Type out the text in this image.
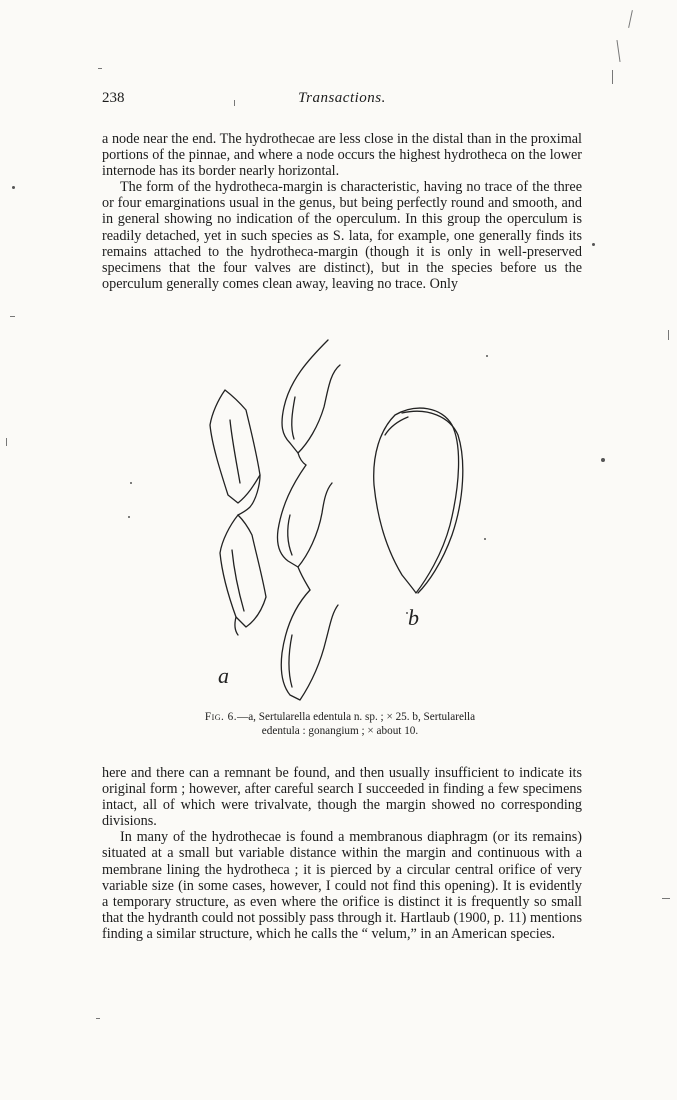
238	Transactions.

a node near the end. The hydrothecae are less close in the distal than in the proximal portions of the pinnae, and where a node occurs the highest hydrotheca on the lower internode has its border nearly horizontal.

The form of the hydrotheca-margin is characteristic, having no trace of the three or four emarginations usual in the genus, but being perfectly round and smooth, and in general showing no indication of the operculum. In this group the operculum is readily detached, yet in such species as S. lata, for example, one generally finds its remains attached to the hydrotheca-margin (though it is only in well-preserved specimens that the four valves are distinct), but in the species before us the operculum generally comes clean away, leaving no trace. Only

a
b
Fig. 6.—a, Sertularella edentula n. sp. ; × 25. b, Sertularella
edentula : gonangium ; × about 10.

here and there can a remnant be found, and then usually insufficient to indicate its original form ; however, after careful search I succeeded in finding a few specimens intact, all of which were trivalvate, though the margin showed no corresponding divisions.

In many of the hydrothecae is found a membranous diaphragm (or its remains) situated at a small but variable distance within the margin and continuous with a membrane lining the hydrotheca ; it is pierced by a circular central orifice of very variable size (in some cases, however, I could not find this opening). It is evidently a temporary structure, as even where the orifice is distinct it is frequently so small that the hydranth could not possibly pass through it. Hartlaub (1900, p. 11) mentions finding a similar structure, which he calls the “ velum,” in an American species.
